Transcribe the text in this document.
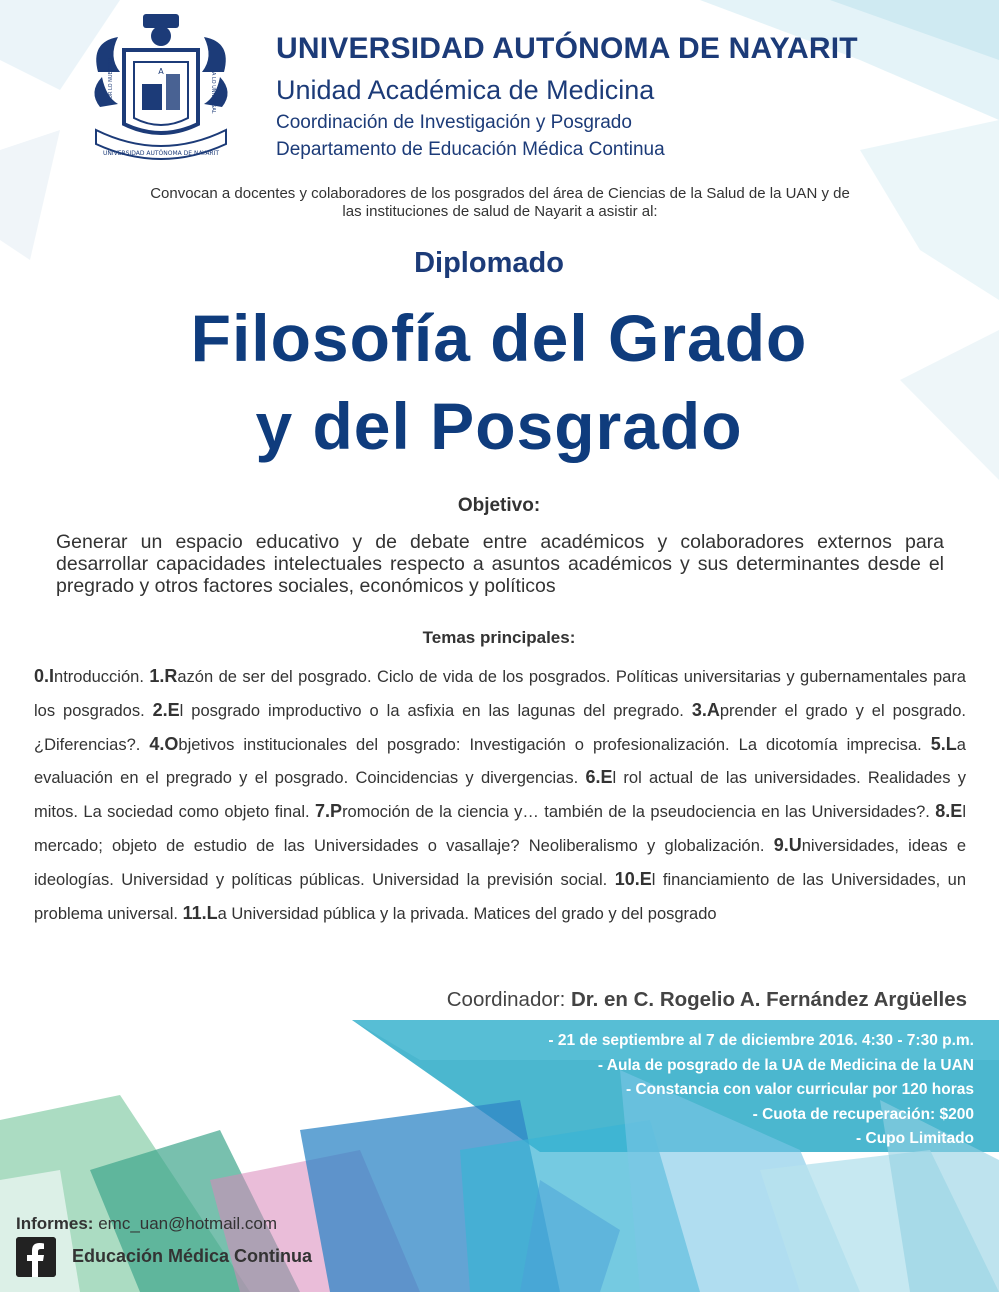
A
POR LO NUESTRO	A LO UNIVERSAL
UNIVERSIDAD AUTÓNOMA DE NAYARIT
UNIVERSIDAD AUTÓNOMA DE NAYARIT
Unidad Académica de Medicina
Coordinación de Investigación y Posgrado
Departamento de Educación Médica Continua
Convocan a docentes y colaboradores de los posgrados del área de Ciencias de la Salud de la UAN y de las instituciones de salud de Nayarit a asistir al:
Diplomado
Filosofía del Grado
y del Posgrado
Objetivo:
Generar un espacio educativo y de debate entre académicos y colaboradores externos para desarrollar capacidades intelectuales respecto a asuntos académicos y sus determinantes desde el pregrado y otros factores sociales, económicos y políticos
Temas principales:
0.Introducción. 1.Razón de ser del posgrado. Ciclo de vida de los posgrados. Políticas universitarias y gubernamentales para los posgrados. 2.El posgrado improductivo o la asfixia en las lagunas del pregrado. 3.Aprender el grado y el posgrado. ¿Diferencias?. 4.Objetivos institucionales del posgrado: Investigación o profesionalización. La dicotomía imprecisa. 5.La evaluación en el pregrado y el posgrado. Coincidencias y divergencias. 6.El rol actual de las universidades. Realidades y mitos. La sociedad como objeto final. 7.Promoción de la ciencia y… también de la pseudociencia en las Universidades?. 8.El mercado; objeto de estudio de las Universidades o vasallaje? Neoliberalismo y globalización. 9.Universidades, ideas e ideologías. Universidad y políticas públicas. Universidad la previsión social. 10.El financiamiento de las Universidades, un problema universal. 11.La Universidad pública y la privada. Matices del grado y del posgrado
Coordinador: Dr. en C. Rogelio A. Fernández Argüelles
- 21 de septiembre al 7 de diciembre 2016. 4:30 - 7:30 p.m.
- Aula de posgrado de la UA de Medicina de la UAN
- Constancia con valor curricular por 120 horas
- Cuota de recuperación: $200
- Cupo Limitado
Informes: emc_uan@hotmail.com
Educación Médica Continua
